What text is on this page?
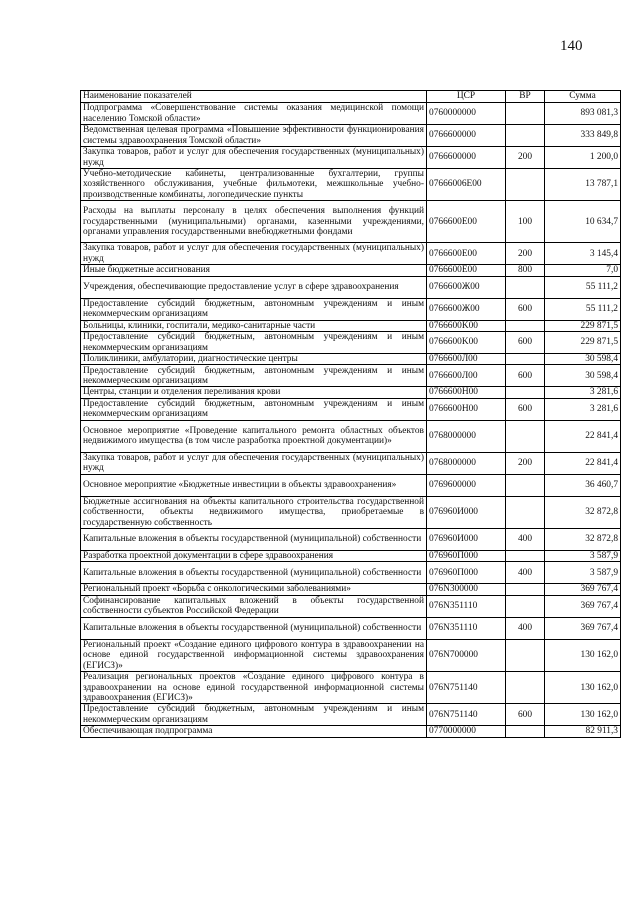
140
Наименование показателей	ЦСР	ВР	Сумма
Подпрограмма «Совершенствование системы оказания медицинской помощи населению Томской области»	0760000000		893 081,3
Ведомственная целевая программа «Повышение эффективности функционирования системы здравоохранения Томской области»	0766600000		333 849,8
Закупка товаров, работ и услуг для обеспечения государственных (муниципальных) нужд	0766600000	200	1 200,0
Учебно-методические кабинеты, централизованные бухгалтерии, группы хозяйственного обслуживания, учебные фильмотеки, межшкольные учебно-производственные комбинаты, логопедические пункты	07666006E00		13 787,1
Расходы на выплаты персоналу в целях обеспечения выполнения функций государственными (муниципальными) органами, казенными учреждениями, органами управления государственными внебюджетными фондами	0766600E00	100	10 634,7
Закупка товаров, работ и услуг для обеспечения государственных (муниципальных) нужд	0766600E00	200	3 145,4
Иные бюджетные ассигнования	0766600E00	800	7,0
Учреждения, обеспечивающие предоставление услуг в сфере здравоохранения	0766600Ж00		55 111,2
Предоставление субсидий бюджетным, автономным учреждениям и иным некоммерческим организациям	0766600Ж00	600	55 111,2
Больницы, клиники, госпитали, медико-санитарные части	0766600K00		229 871,5
Предоставление субсидий бюджетным, автономным учреждениям и иным некоммерческим организациям	0766600K00	600	229 871,5
Поликлиники, амбулатории, диагностические центры	0766600Л00		30 598,4
Предоставление субсидий бюджетным, автономным учреждениям и иным некоммерческим организациям	0766600Л00	600	30 598,4
Центры, станции и отделения переливания крови	0766600H00		3 281,6
Предоставление субсидий бюджетным, автономным учреждениям и иным некоммерческим организациям	0766600H00	600	3 281,6
Основное мероприятие «Проведение капитального ремонта областных объектов недвижимого имущества (в том числе разработка проектной документации)»	0768000000		22 841,4
Закупка товаров, работ и услуг для обеспечения государственных (муниципальных) нужд	0768000000	200	22 841,4
Основное мероприятие «Бюджетные инвестиции в объекты здравоохранения»	0769600000		36 460,7
Бюджетные ассигнования на объекты капитального строительства государственной собственности, объекты недвижимого имущества, приобретаемые в государственную собственность	076960И000		32 872,8
Капитальные вложения в объекты государственной (муниципальной) собственности	076960И000	400	32 872,8
Разработка проектной документации в сфере здравоохранения	076960П000		3 587,9
Капитальные вложения в объекты государственной (муниципальной) собственности	076960П000	400	3 587,9
Региональный проект «Борьба с онкологическими заболеваниями»	076N300000		369 767,4
Софинансирование капитальных вложений в объекты государственной собственности субъектов Российской Федерации	076N351110		369 767,4
Капитальные вложения в объекты государственной (муниципальной) собственности	076N351110	400	369 767,4
Региональный проект «Создание единого цифрового контура в здравоохранении на основе единой государственной информационной системы здравоохранения (ЕГИСЗ)»	076N700000		130 162,0
Реализация региональных проектов «Создание единого цифрового контура в здравоохранении на основе единой государственной информационной системы здравоохранения (ЕГИСЗ)»	076N751140		130 162,0
Предоставление субсидий бюджетным, автономным учреждениям и иным некоммерческим организациям	076N751140	600	130 162,0
Обеспечивающая подпрограмма	0770000000		82 911,3
